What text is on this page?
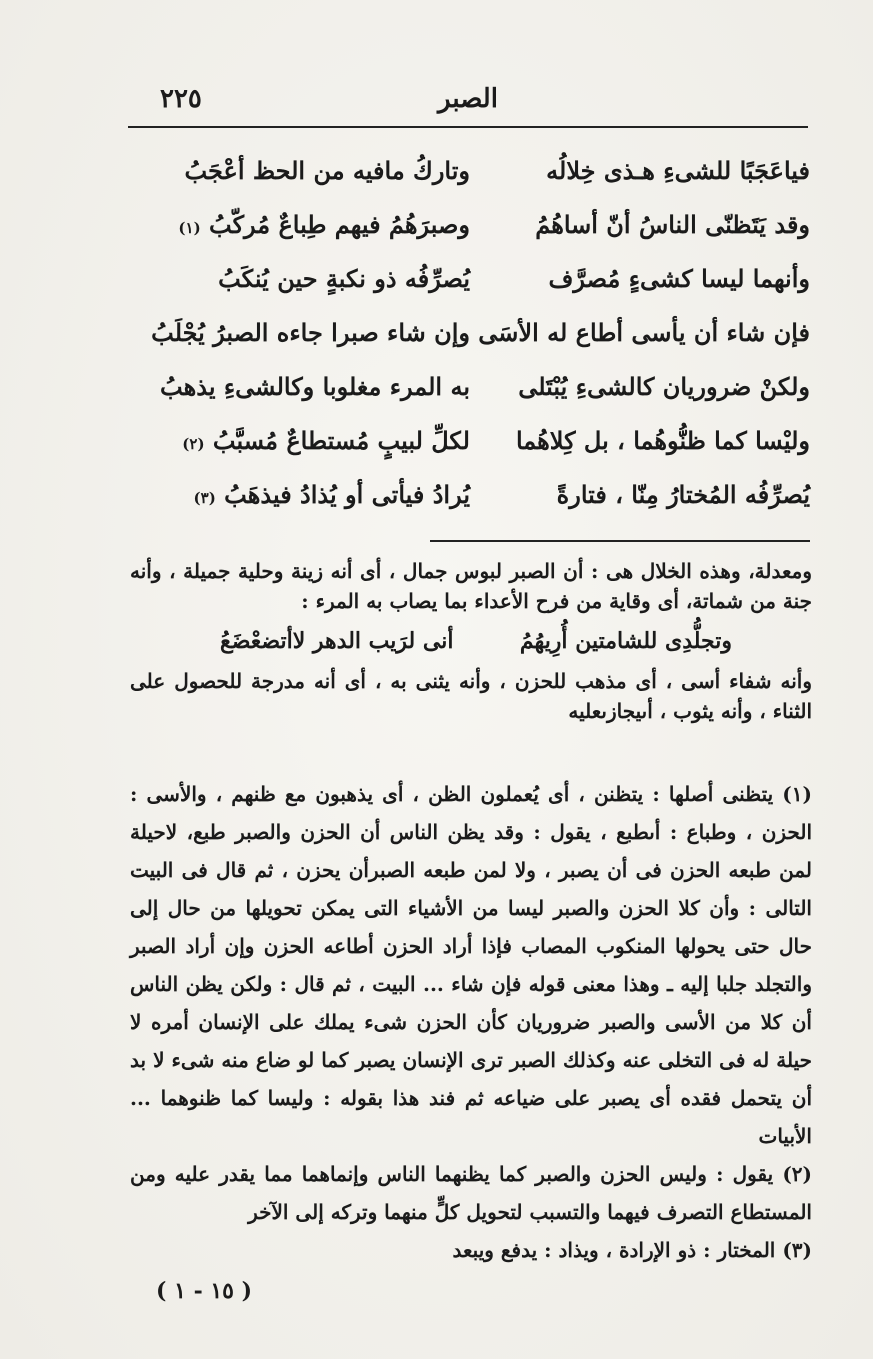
الصبر
٢٢٥
فياعَجَبًا للشىءِ هـذى خِلالُه
وتاركُ مافيه من الحظ أعْجَبُ
وقد يَتَظنّى الناسُ أنّ أساهُمُ
وصبرَهُمُ فيهم طِباعٌ مُركّبُ (١)
وأنهما ليسا كشىءٍ مُصرَّف
يُصرِّفُه ذو نكبةٍ حين يُنكَبُ
فإن شاء أن يأسى أطاع له الأسَى
وإن شاء صبرا جاءه الصبرُ يُجْلَبُ
ولكنْ ضروريان كالشىءِ يُبْتَلى
به المرء مغلوبا وكالشىءِ يذهبُ
وليْسا كما ظنُّوهُما ، بل كِلاهُما
لكلِّ لبيبٍ مُستطاعٌ مُسبَّبُ (٢)
يُصرِّفُه المُختارُ مِنّا ، فتارةً
يُرادُ فيأتى أو يُذادُ فيذهَبُ (٣)

ومعدلة، وهذه الخلال هى : أن الصبر لبوس جمال ، أى أنه زينة وحلية جميلة ، وأنه جنة من شماتة، أى وقاية من فرح الأعداء بما يصاب به المرء :

وتجلُّدِى للشامتين أُرِيهُمُ
أنى لرَيب الدهر لاأتضعْضَعُ

وأنه شفاء أسى ، أى مذهب للحزن ، وأنه يثنى به ، أى أنه مدرجة للحصول على الثناء ، وأنه يثوب ، أىيجازىعليه

(١) يتظنى أصلها : يتظنن ، أى يُعملون الظن ، أى يذهبون مع ظنهم ، والأسى : الحزن ، وطباع : أىطبع ، يقول : وقد يظن الناس أن الحزن والصبر طبع، لاحيلة لمن طبعه الحزن فى أن يصبر ، ولا لمن طبعه الصبرأن يحزن ، ثم قال فى البيت التالى : وأن كلا الحزن والصبر ليسا من الأشياء التى يمكن تحويلها من حال إلى حال حتى يحولها المنكوب المصاب فإذا أراد الحزن أطاعه الحزن وإن أراد الصبر والتجلد جلبا إليه ـ وهذا معنى قوله فإن شاء ... البيت ، ثم قال : ولكن يظن الناس أن كلا من الأسى والصبر ضروريان كأن الحزن شىء يملك على الإنسان أمره لا حيلة له فى التخلى عنه وكذلك الصبر ترى الإنسان يصبر كما لو ضاع منه شىء لا بد أن يتحمل فقده أى يصبر على ضياعه ثم فند هذا بقوله : وليسا كما ظنوهما ... الأبيات

(٢) يقول : وليس الحزن والصبر كما يظنهما الناس وإنماهما مما يقدر عليه ومن المستطاع التصرف فيهما والتسبب لتحويل كلٍّ منهما وتركه إلى الآخر

(٣) المختار : ذو الإرادة ، ويذاد : يدفع ويبعد

( ١٥ - ١ )
